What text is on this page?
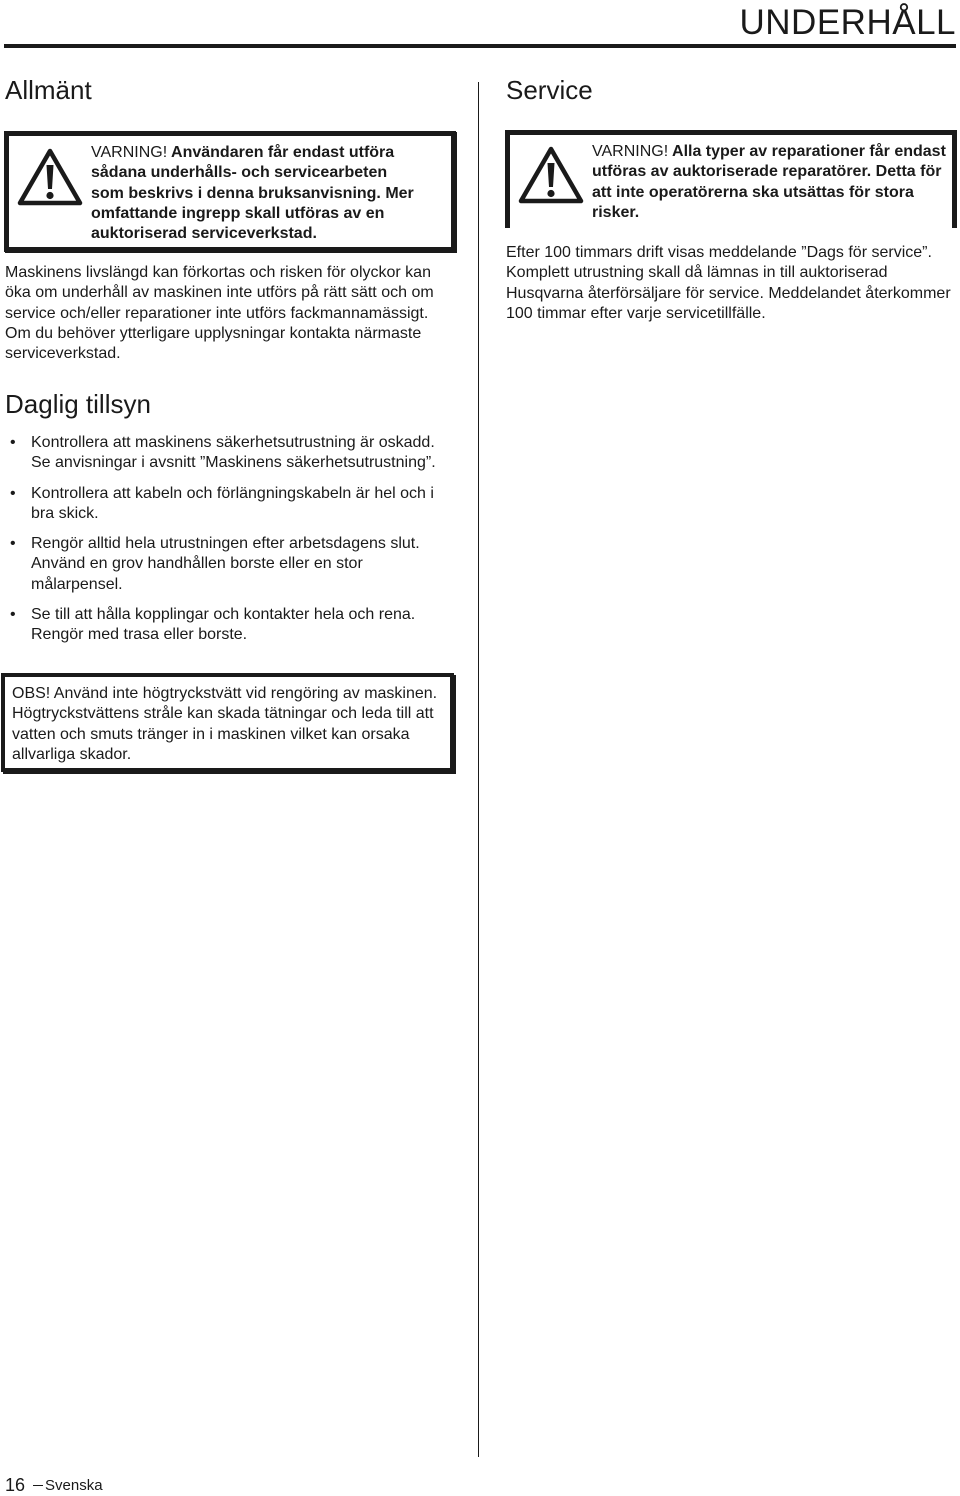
UNDERHÅLL
Allmänt
VARNING! Användaren får endast utföra sådana underhålls- och servicearbeten som beskrivs i denna bruksanvisning. Mer omfattande ingrepp skall utföras av en auktoriserad serviceverkstad.

Maskinens livslängd kan förkortas och risken för olyckor kan öka om underhåll av maskinen inte utförs på rätt sätt och om service och/eller reparationer inte utförs fackmannamässigt. Om du behöver ytterligare upplysningar kontakta närmaste serviceverkstad.

Daglig tillsyn
• Kontrollera att maskinens säkerhetsutrustning är oskadd. Se anvisningar i avsnitt ”Maskinens säkerhetsutrustning”.
• Kontrollera att kabeln och förlängningskabeln är hel och i bra skick.
• Rengör alltid hela utrustningen efter arbetsdagens slut. Använd en grov handhållen borste eller en stor målarpensel.
• Se till att hålla kopplingar och kontakter hela och rena. Rengör med trasa eller borste.

OBS! Använd inte högtryckstvätt vid rengöring av maskinen. Högtryckstvättens stråle kan skada tätningar och leda till att vatten och smuts tränger in i maskinen vilket kan orsaka allvarliga skador.

Service
VARNING! Alla typer av reparationer får endast utföras av auktoriserade reparatörer. Detta för att inte operatörerna ska utsättas för stora risker.

Efter 100 timmars drift visas meddelande ”Dags för service”. Komplett utrustning skall då lämnas in till auktoriserad Husqvarna återförsäljare för service. Meddelandet återkommer 100 timmar efter varje servicetillfälle.

16 Svenska
